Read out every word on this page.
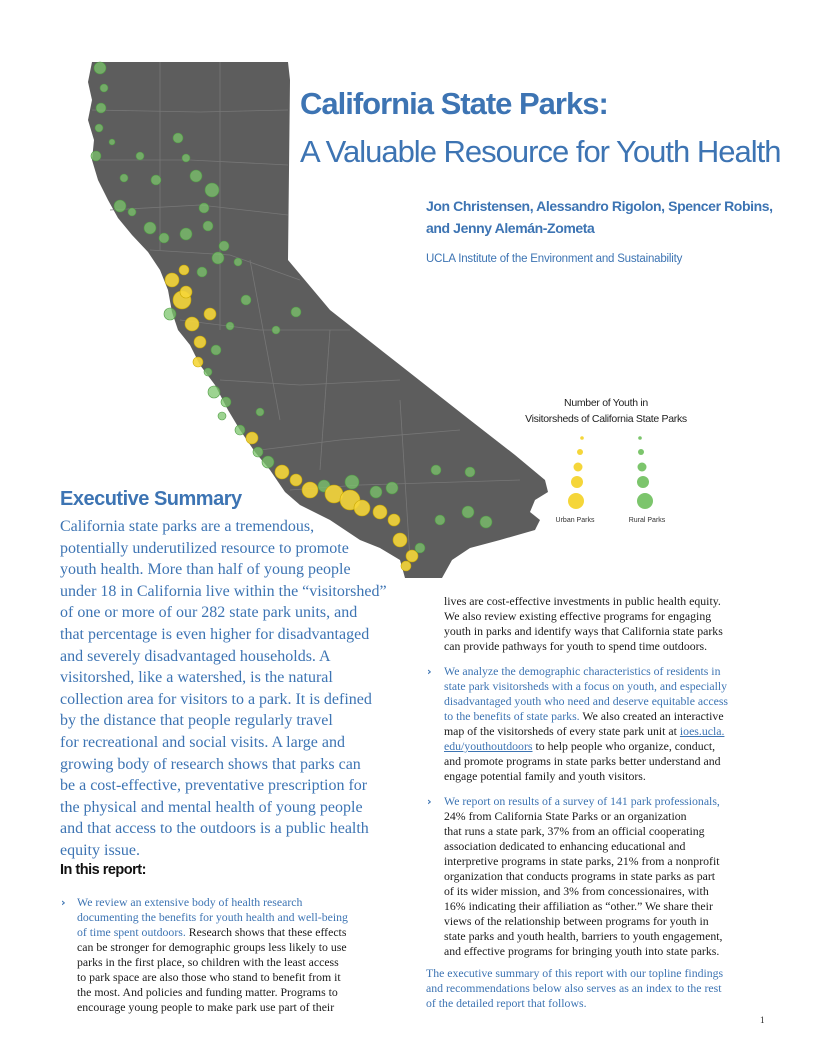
Up to 100
101 - 1,000
1,001 - 10,000
10,001 - 100,000
Over 100,000
Urban Parks	Rural Parks
California State Parks:
A Valuable Resource for Youth Health
Jon Christensen, Alessandro Rigolon, Spencer Robins,
and Jenny Alemán-Zometa
UCLA Institute of the Environment and Sustainability
Number of Youth in
Visitorsheds of California State Parks
Executive Summary
California state parks are a tremendous,
potentially underutilized resource to promote
youth health. More than half of young people
under 18 in California live within the “visitorshed”
of one or more of our 282 state park units, and
that percentage is even higher for disadvantaged
and severely disadvantaged households. A
visitorshed, like a watershed, is the natural
collection area for visitors to a park. It is defined
by the distance that people regularly travel
for recreational and social visits. A large and
growing body of research shows that parks can
be a cost-effective, preventative prescription for
the physical and mental health of young people
and that access to the outdoors is a public health
equity issue.
In this report:
› We review an extensive body of health research
documenting the benefits for youth health and well-being
of time spent outdoors. Research shows that these effects
can be stronger for demographic groups less likely to use
parks in the first place, so children with the least access
to park space are also those who stand to benefit from it
the most. And policies and funding matter. Programs to
encourage young people to make park use part of their
lives are cost-effective investments in public health equity.
We also review existing effective programs for engaging
youth in parks and identify ways that California state parks
can provide pathways for youth to spend time outdoors.
› We analyze the demographic characteristics of residents in
state park visitorsheds with a focus on youth, and especially
disadvantaged youth who need and deserve equitable access
to the benefits of state parks. We also created an interactive
map of the visitorsheds of every state park unit at ioes.ucla.
edu/youthoutdoors to help people who organize, conduct,
and promote programs in state parks better understand and
engage potential family and youth visitors.
› We report on results of a survey of 141 park professionals,
24% from California State Parks or an organization
that runs a state park, 37% from an official cooperating
association dedicated to enhancing educational and
interpretive programs in state parks, 21% from a nonprofit
organization that conducts programs in state parks as part
of its wider mission, and 3% from concessionaires, with
16% indicating their affiliation as “other.” We share their
views of the relationship between programs for youth in
state parks and youth health, barriers to youth engagement,
and effective programs for bringing youth into state parks.
The executive summary of this report with our topline findings
and recommendations below also serves as an index to the rest
of the detailed report that follows.
1
